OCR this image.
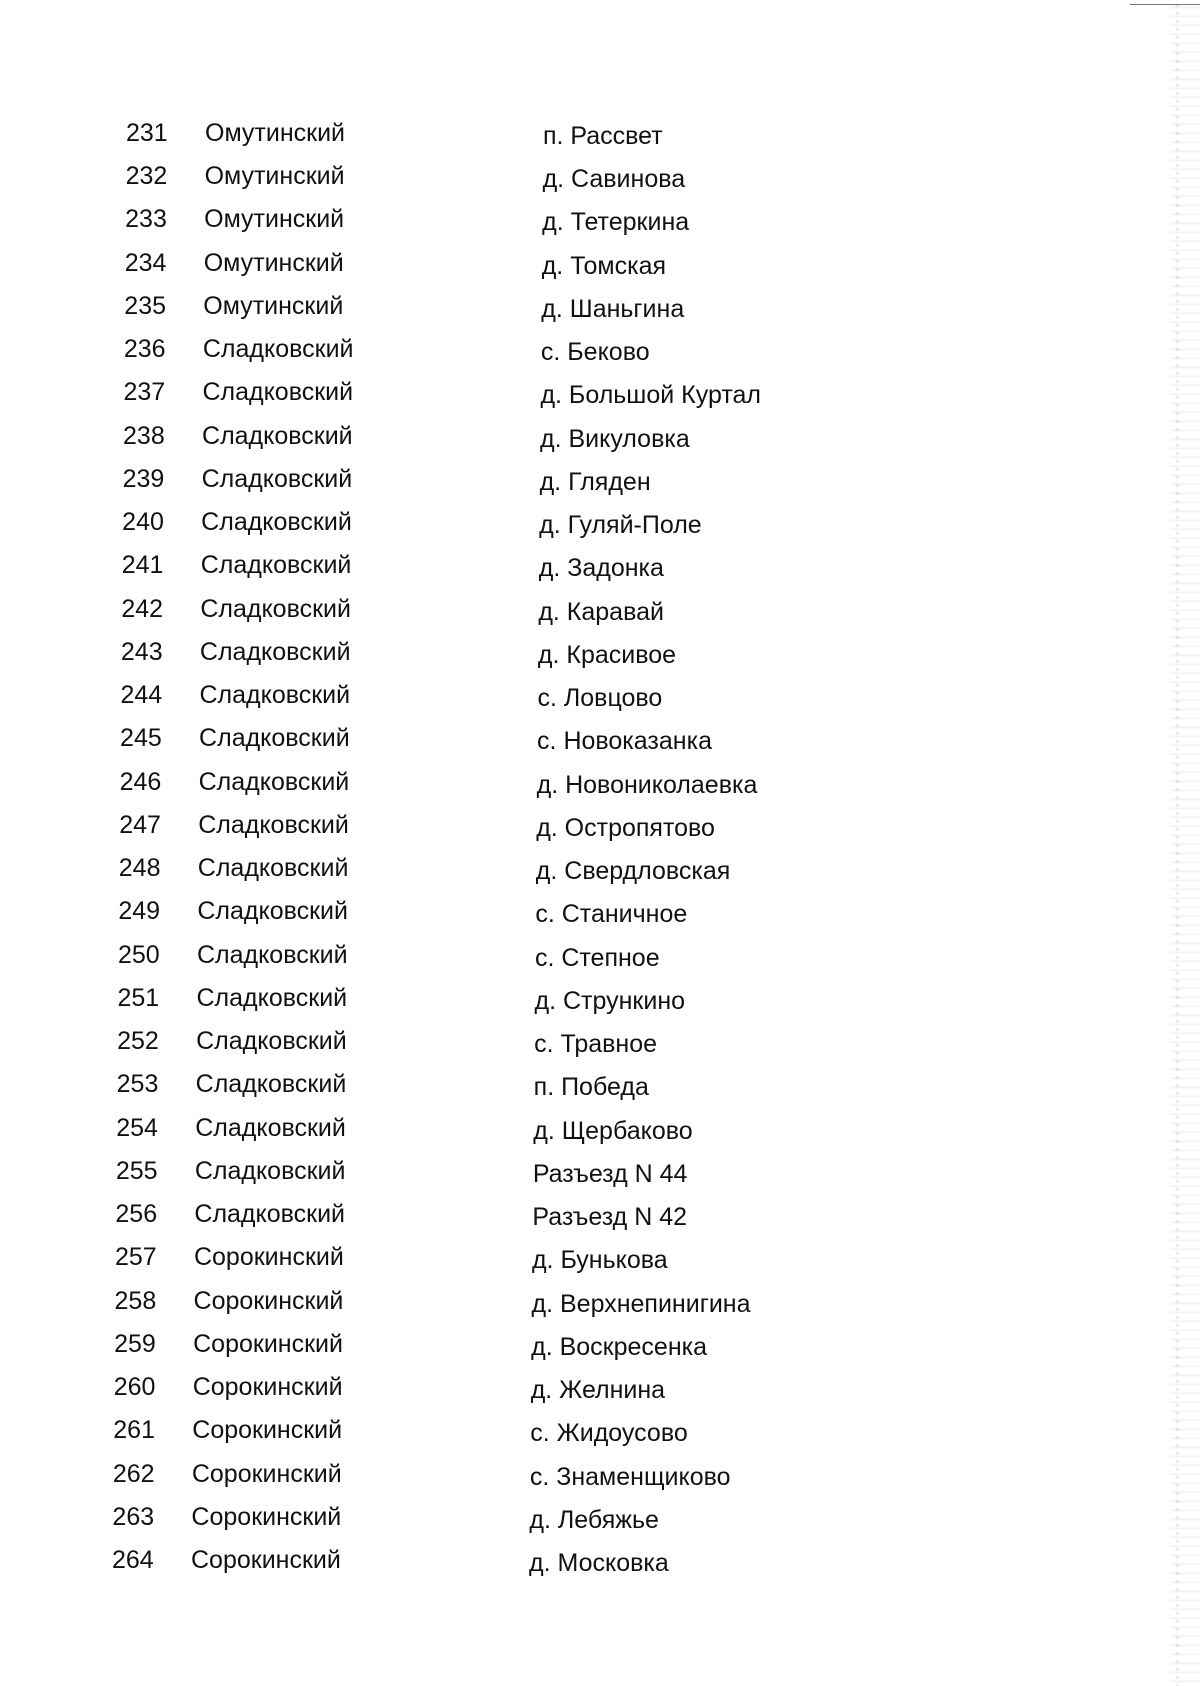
231 Омутинский	п. Рассвет
232 Омутинский	д. Савинова
233 Омутинский	д. Тетеркина
234 Омутинский	д. Томская
235 Омутинский	д. Шаньгина
236 Сладковский	с. Беково
237 Сладковский	д. Большой Куртал
238 Сладковский	д. Викуловка
239 Сладковский	д. Гляден
240 Сладковский	д. Гуляй-Поле
241 Сладковский	д. Задонка
242 Сладковский	д. Каравай
243 Сладковский	д. Красивое
244 Сладковский	с. Ловцово
245 Сладковский	с. Новоказанка
246 Сладковский	д. Новониколаевка
247 Сладковский	д. Остропятово
248 Сладковский	д. Свердловская
249 Сладковский	с. Станичное
250 Сладковский	с. Степное
251 Сладковский	д. Стрункино
252 Сладковский	с. Травное
253 Сладковский	п. Победа
254 Сладковский	д. Щербаково
255 Сладковский	Разъезд N 44
256 Сладковский	Разъезд N 42
257 Сорокинский	д. Бунькова
258 Сорокинский	д. Верхнепинигина
259 Сорокинский	д. Воскресенка
260 Сорокинский	д. Желнина
261 Сорокинский	с. Жидоусово
262 Сорокинский	с. Знаменщиково
263 Сорокинский	д. Лебяжье
264 Сорокинский	д. Московка
